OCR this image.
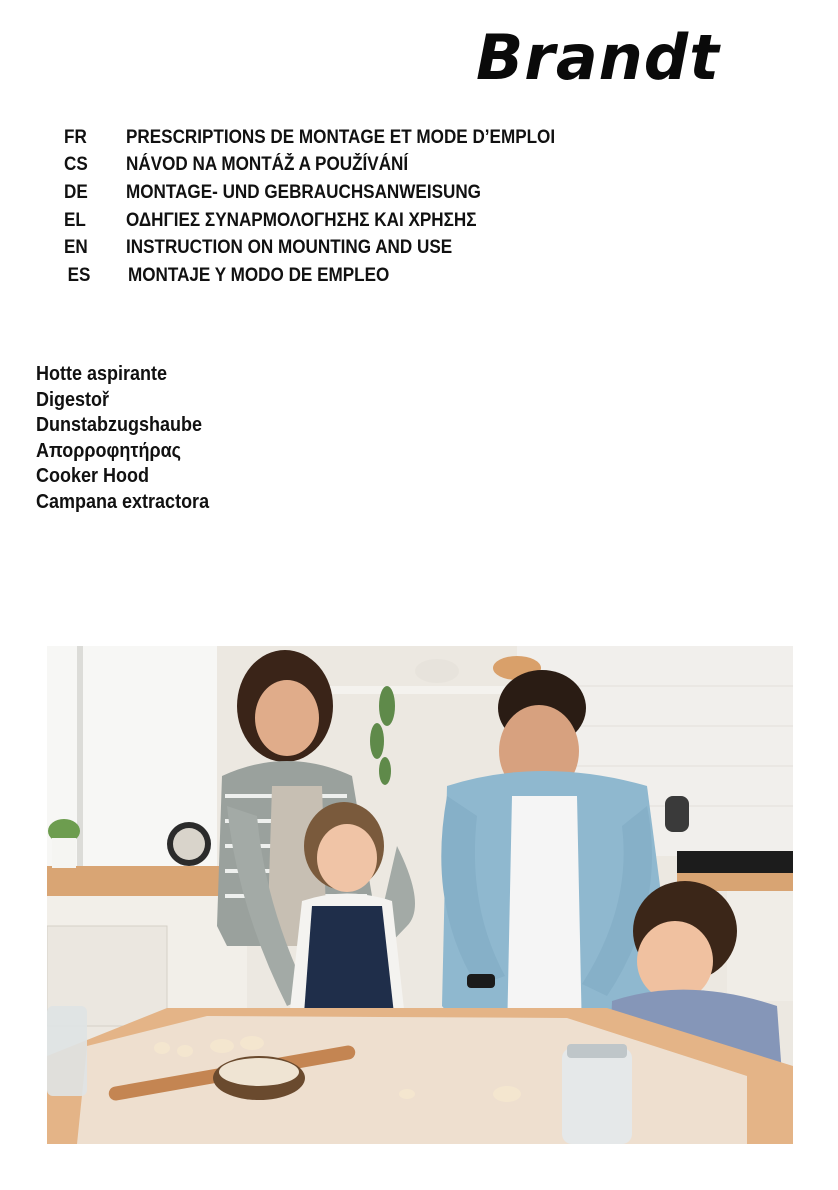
Brandt
FR	PRESCRIPTIONS DE MONTAGE ET MODE D’EMPLOI
CS	NÁVOD NA MONTÁŽ A POUŽÍVÁNÍ
DE	MONTAGE- UND GEBRAUCHSANWEISUNG
EL	ΟΔΗΓΙΕΣ ΣΥΝΑΡΜΟΛΟΓΗΣΗΣ ΚΑΙ ΧΡΗΣΗΣ
EN	INSTRUCTION ON MOUNTING AND USE
ES	MONTAJE Y MODO DE EMPLEO
Hotte aspirante
Digestoř
Dunstabzugshaube
Απορροφητήρας
Cooker Hood
Campana extractora
